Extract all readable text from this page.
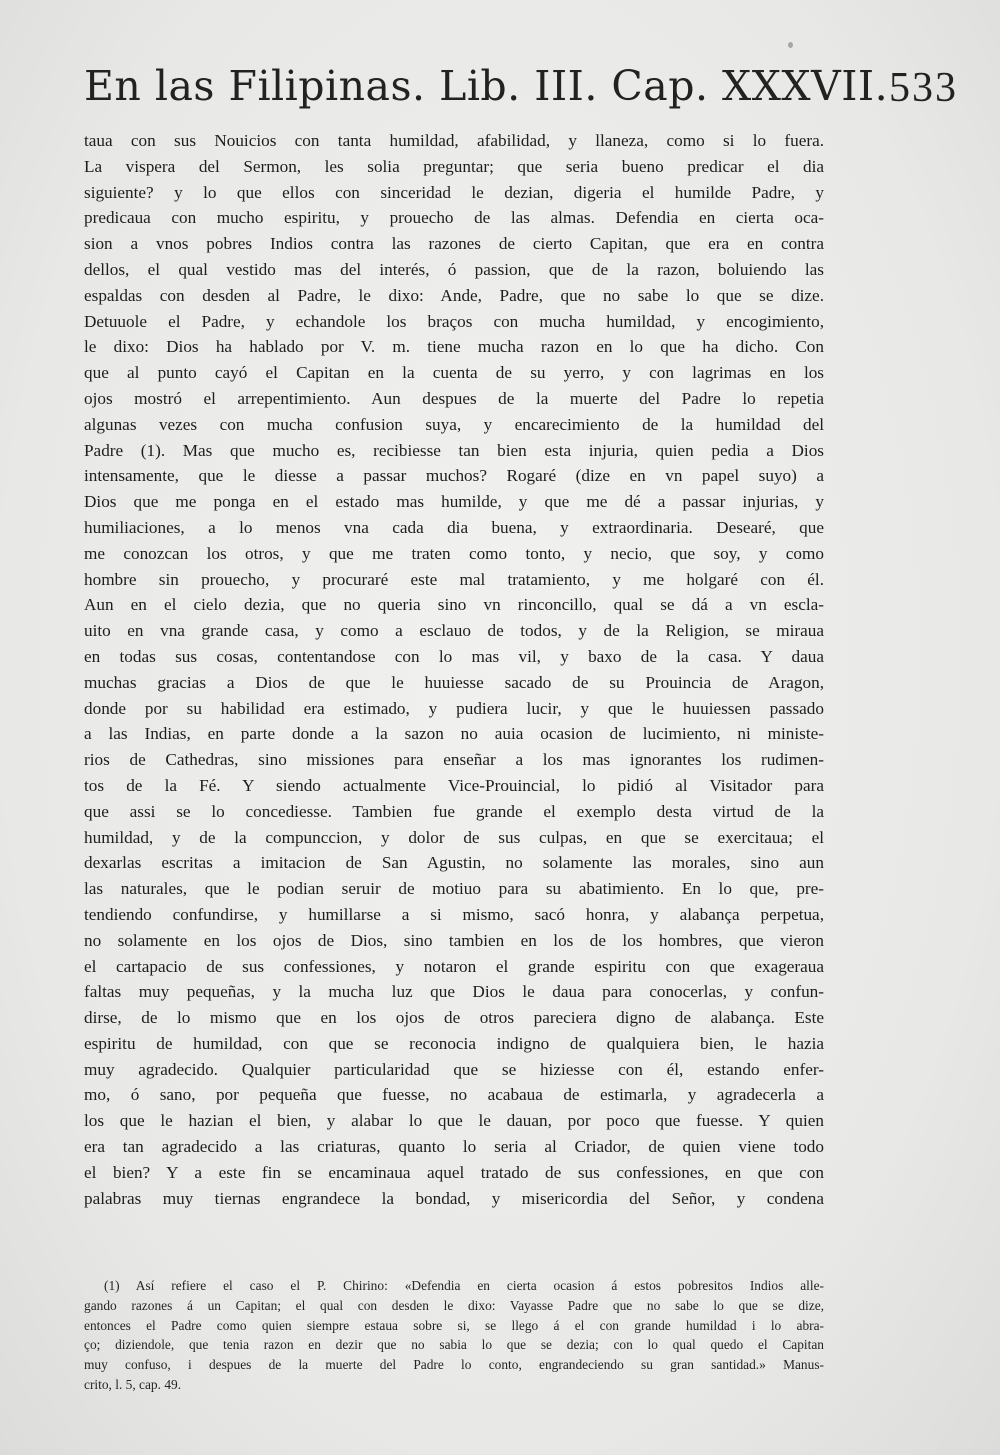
En las Filipinas. Lib. III. Cap. XXXVII. 533
taua con sus Nouicios con tanta humildad, afabilidad, y llaneza, como si lo fuera.
La vispera del Sermon, les solia preguntar; que seria bueno predicar el dia
siguiente? y lo que ellos con sinceridad le dezian, digeria el humilde Padre, y
predicaua con mucho espiritu, y prouecho de las almas. Defendia en cierta oca-
sion a vnos pobres Indios contra las razones de cierto Capitan, que era en contra
dellos, el qual vestido mas del interés, ó passion, que de la razon, boluiendo las
espaldas con desden al Padre, le dixo: Ande, Padre, que no sabe lo que se dize.
Detuuole el Padre, y echandole los braços con mucha humildad, y encogimiento,
le dixo: Dios ha hablado por V. m. tiene mucha razon en lo que ha dicho. Con
que al punto cayó el Capitan en la cuenta de su yerro, y con lagrimas en los
ojos mostró el arrepentimiento. Aun despues de la muerte del Padre lo repetia
algunas vezes con mucha confusion suya, y encarecimiento de la humildad del
Padre (1). Mas que mucho es, recibiesse tan bien esta injuria, quien pedia a Dios
intensamente, que le diesse a passar muchos? Rogaré (dize en vn papel suyo) a
Dios que me ponga en el estado mas humilde, y que me dé a passar injurias, y
humiliaciones, a lo menos vna cada dia buena, y extraordinaria. Desearé, que
me conozcan los otros, y que me traten como tonto, y necio, que soy, y como
hombre sin prouecho, y procuraré este mal tratamiento, y me holgaré con él.
Aun en el cielo dezia, que no queria sino vn rinconcillo, qual se dá a vn escla-
uito en vna grande casa, y como a esclauo de todos, y de la Religion, se miraua
en todas sus cosas, contentandose con lo mas vil, y baxo de la casa. Y daua
muchas gracias a Dios de que le huuiesse sacado de su Prouincia de Aragon,
donde por su habilidad era estimado, y pudiera lucir, y que le huuiessen passado
a las Indias, en parte donde a la sazon no auia ocasion de lucimiento, ni ministe-
rios de Cathedras, sino missiones para enseñar a los mas ignorantes los rudimen-
tos de la Fé. Y siendo actualmente Vice-Prouincial, lo pidió al Visitador para
que assi se lo concediesse. Tambien fue grande el exemplo desta virtud de la
humildad, y de la compunccion, y dolor de sus culpas, en que se exercitaua; el
dexarlas escritas a imitacion de San Agustin, no solamente las morales, sino aun
las naturales, que le podian seruir de motiuo para su abatimiento. En lo que, pre-
tendiendo confundirse, y humillarse a si mismo, sacó honra, y alabança perpetua,
no solamente en los ojos de Dios, sino tambien en los de los hombres, que vieron
el cartapacio de sus confessiones, y notaron el grande espiritu con que exageraua
faltas muy pequeñas, y la mucha luz que Dios le daua para conocerlas, y confun-
dirse, de lo mismo que en los ojos de otros pareciera digno de alabança. Este
espiritu de humildad, con que se reconocia indigno de qualquiera bien, le hazia
muy agradecido. Qualquier particularidad que se hiziesse con él, estando enfer-
mo, ó sano, por pequeña que fuesse, no acabaua de estimarla, y agradecerla a
los que le hazian el bien, y alabar lo que le dauan, por poco que fuesse. Y quien
era tan agradecido a las criaturas, quanto lo seria al Criador, de quien viene todo
el bien? Y a este fin se encaminaua aquel tratado de sus confessiones, en que con
palabras muy tiernas engrandece la bondad, y misericordia del Señor, y condena
(1) Así refiere el caso el P. Chirino: «Defendia en cierta ocasion á estos pobresitos Indios alle-
gando razones á un Capitan; el qual con desden le dixo: Vayasse Padre que no sabe lo que se dize,
entonces el Padre como quien siempre estaua sobre si, se llego á el con grande humildad i lo abra-
ço; diziendole, que tenia razon en dezir que no sabia lo que se dezia; con lo qual quedo el Capitan
muy confuso, i despues de la muerte del Padre lo conto, engrandeciendo su gran santidad.» Manus-
crito, l. 5, cap. 49.
